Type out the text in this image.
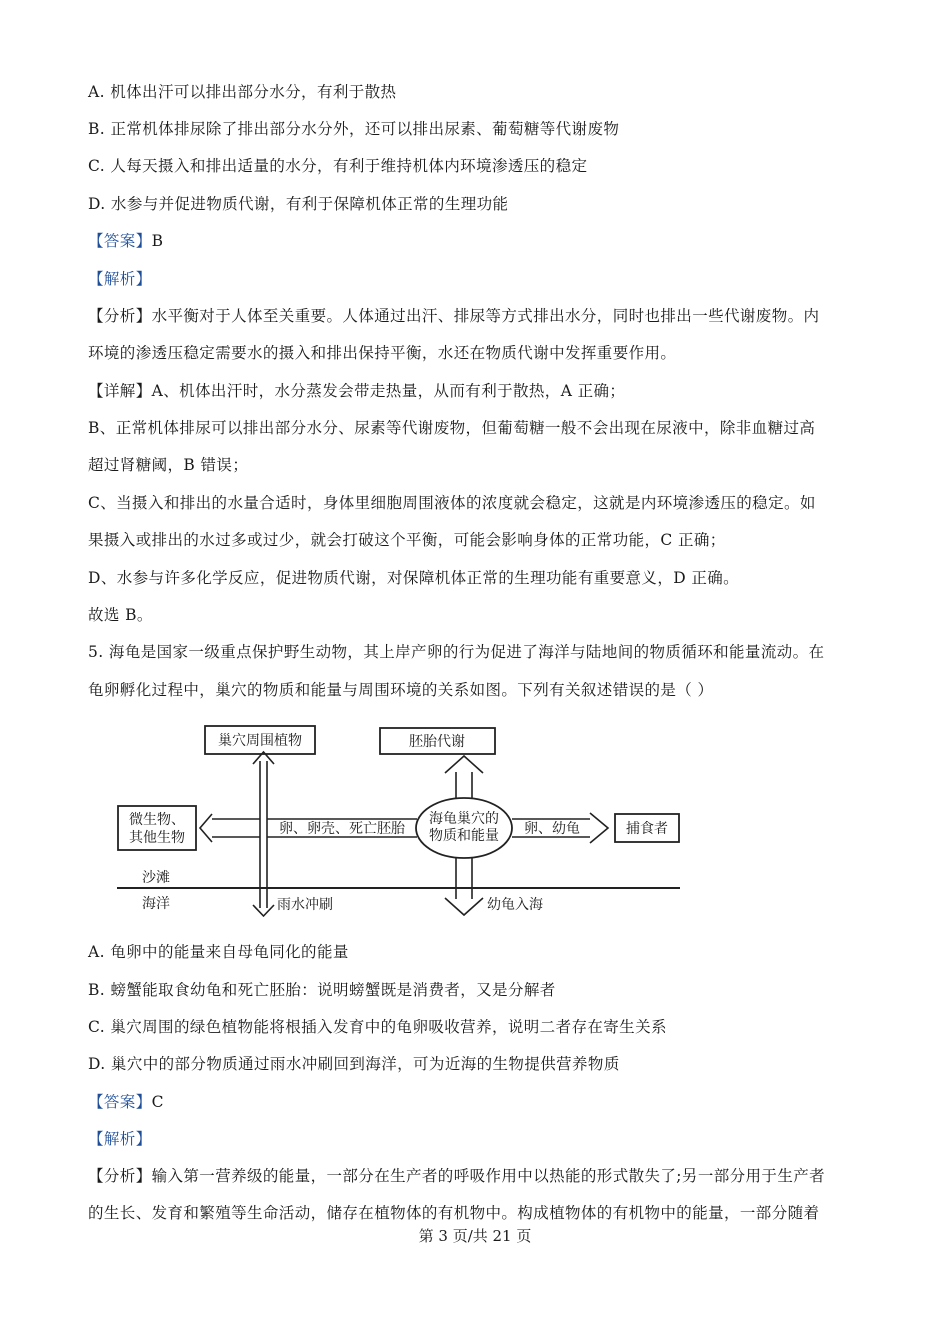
A. 机体出汗可以排出部分水分，有利于散热
B. 正常机体排尿除了排出部分水分外，还可以排出尿素、葡萄糖等代谢废物
C. 人每天摄入和排出适量的水分，有利于维持机体内环境渗透压的稳定
D. 水参与并促进物质代谢，有利于保障机体正常的生理功能
【答案】B
【解析】
【分析】水平衡对于人体至关重要。人体通过出汗、排尿等方式排出水分，同时也排出一些代谢废物。内
环境的渗透压稳定需要水的摄入和排出保持平衡，水还在物质代谢中发挥重要作用。
【详解】A、机体出汗时，水分蒸发会带走热量，从而有利于散热，A 正确；
B、正常机体排尿可以排出部分水分、尿素等代谢废物，但葡萄糖一般不会出现在尿液中，除非血糖过高
超过肾糖阈，B 错误；
C、当摄入和排出的水量合适时，身体里细胞周围液体的浓度就会稳定，这就是内环境渗透压的稳定。如
果摄入或排出的水过多或过少，就会打破这个平衡，可能会影响身体的正常功能，C 正确；
D、水参与许多化学反应，促进物质代谢，对保障机体正常的生理功能有重要意义，D 正确。
故选 B。
5. 海龟是国家一级重点保护野生动物，其上岸产卵的行为促进了海洋与陆地间的物质循环和能量流动。在
龟卵孵化过程中，巢穴的物质和能量与周围环境的关系如图。下列有关叙述错误的是（ ）
巢穴周围植物	胚胎代谢
微生物、
其他生物
捕食者
卵、卵壳、死亡胚胎
海龟巢穴的
物质和能量 卵、幼龟
沙滩
海洋	雨水冲刷	幼龟入海
A. 龟卵中的能量来自母龟同化的能量
B. 螃蟹能取食幼龟和死亡胚胎：说明螃蟹既是消费者，又是分解者
C. 巢穴周围的绿色植物能将根插入发育中的龟卵吸收营养，说明二者存在寄生关系
D. 巢穴中的部分物质通过雨水冲刷回到海洋，可为近海的生物提供营养物质
【答案】C
【解析】
【分析】输入第一营养级的能量，一部分在生产者的呼吸作用中以热能的形式散失了;另一部分用于生产者
的生长、发育和繁殖等生命活动，储存在植物体的有机物中。构成植物体的有机物中的能量，一部分随着
第 3 页/共 21 页
